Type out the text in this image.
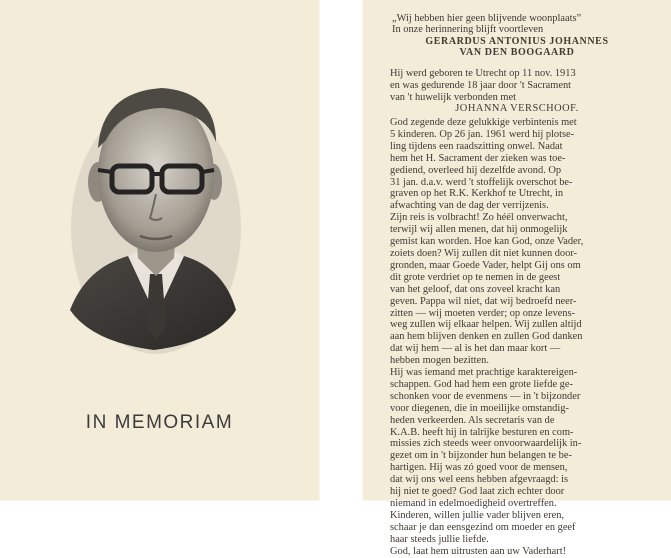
IN MEMORIAM
„Wij hebben hier geen blijvende woonplaats”
In onze herinnering blijft voortleven
GERARDUS ANTONIUS JOHANNES
VAN DEN BOOGAARD
Hij werd geboren te Utrecht op 11 nov. 1913
en was gedurende 18 jaar door 't Sacrament
van 't huwelijk verbonden met
JOHANNA VERSCHOOF.
God zegende deze gelukkige verbintenis met
5 kinderen. Op 26 jan. 1961 werd hij plotse-
ling tijdens een raadszitting onwel. Nadat
hem het H. Sacrament der zieken was toe-
gediend, overleed hij dezelfde avond. Op
31 jan. d.a.v. werd 't stoffelijk overschot be-
graven op het R.K. Kerkhof te Utrecht, in
afwachting van de dag der verrijzenis.
Zijn reis is volbracht! Zo héél onverwacht,
terwijl wij allen menen, dat hij onmogelijk
gemist kan worden. Hoe kan God, onze Vader,
zoiets doen? Wij zullen dit niet kunnen door-
gronden, maar Goede Vader, helpt Gij ons om
dit grote verdriet op te nemen in de geest
van het geloof, dat ons zoveel kracht kan
geven. Pappa wil niet, dat wij bedroefd neer-
zitten — wij moeten verder; op onze levens-
weg zullen wij elkaar helpen. Wij zullen altijd
aan hem blijven denken en zullen God danken
dat wij hem — al is het dan maar kort —
hebben mogen bezitten.
Hij was iemand met prachtige karaktereigen-
schappen. God had hem een grote liefde ge-
schonken voor de evenmens — in 't bijzonder
voor diegenen, die in moeilijke omstandig-
heden verkeerden. Als secretaris van de
K.A.B. heeft hij in talrijke besturen en com-
missies zich steeds weer onvoorwaardelijk in-
gezet om in 't bijzonder hun belangen te be-
hartigen. Hij was zó goed voor de mensen,
dat wij ons wel eens hebben afgevraagd: is
hij niet te goed? God laat zich echter door
niemand in edelmoedigheid overtreffen.
Kinderen, willen jullie vader blijven eren,
schaar je dan eensgezind om moeder en geef
haar steeds jullie liefde.
God, laat hem uitrusten aan uw Vaderhart!
